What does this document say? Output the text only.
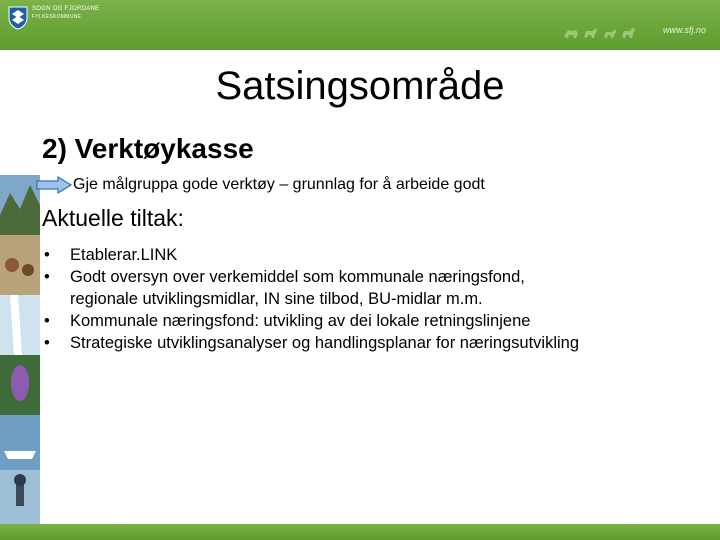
SOGN OG FJORDANE
FYLKESKOMMUNE
www.sfj.no
Satsingsområde
2) Verktøykasse
Gje målgruppa gode verktøy – grunnlag for å arbeide godt
Aktuelle tiltak:
• Etablerar.LINK
• Godt oversyn over verkemiddel som kommunale næringsfond,
regionale utviklingsmidlar, IN sine tilbod, BU-midlar m.m.
• Kommunale næringsfond: utvikling av dei lokale retningslinjene
• Strategiske utviklingsanalyser og handlingsplanar for næringsutvikling
